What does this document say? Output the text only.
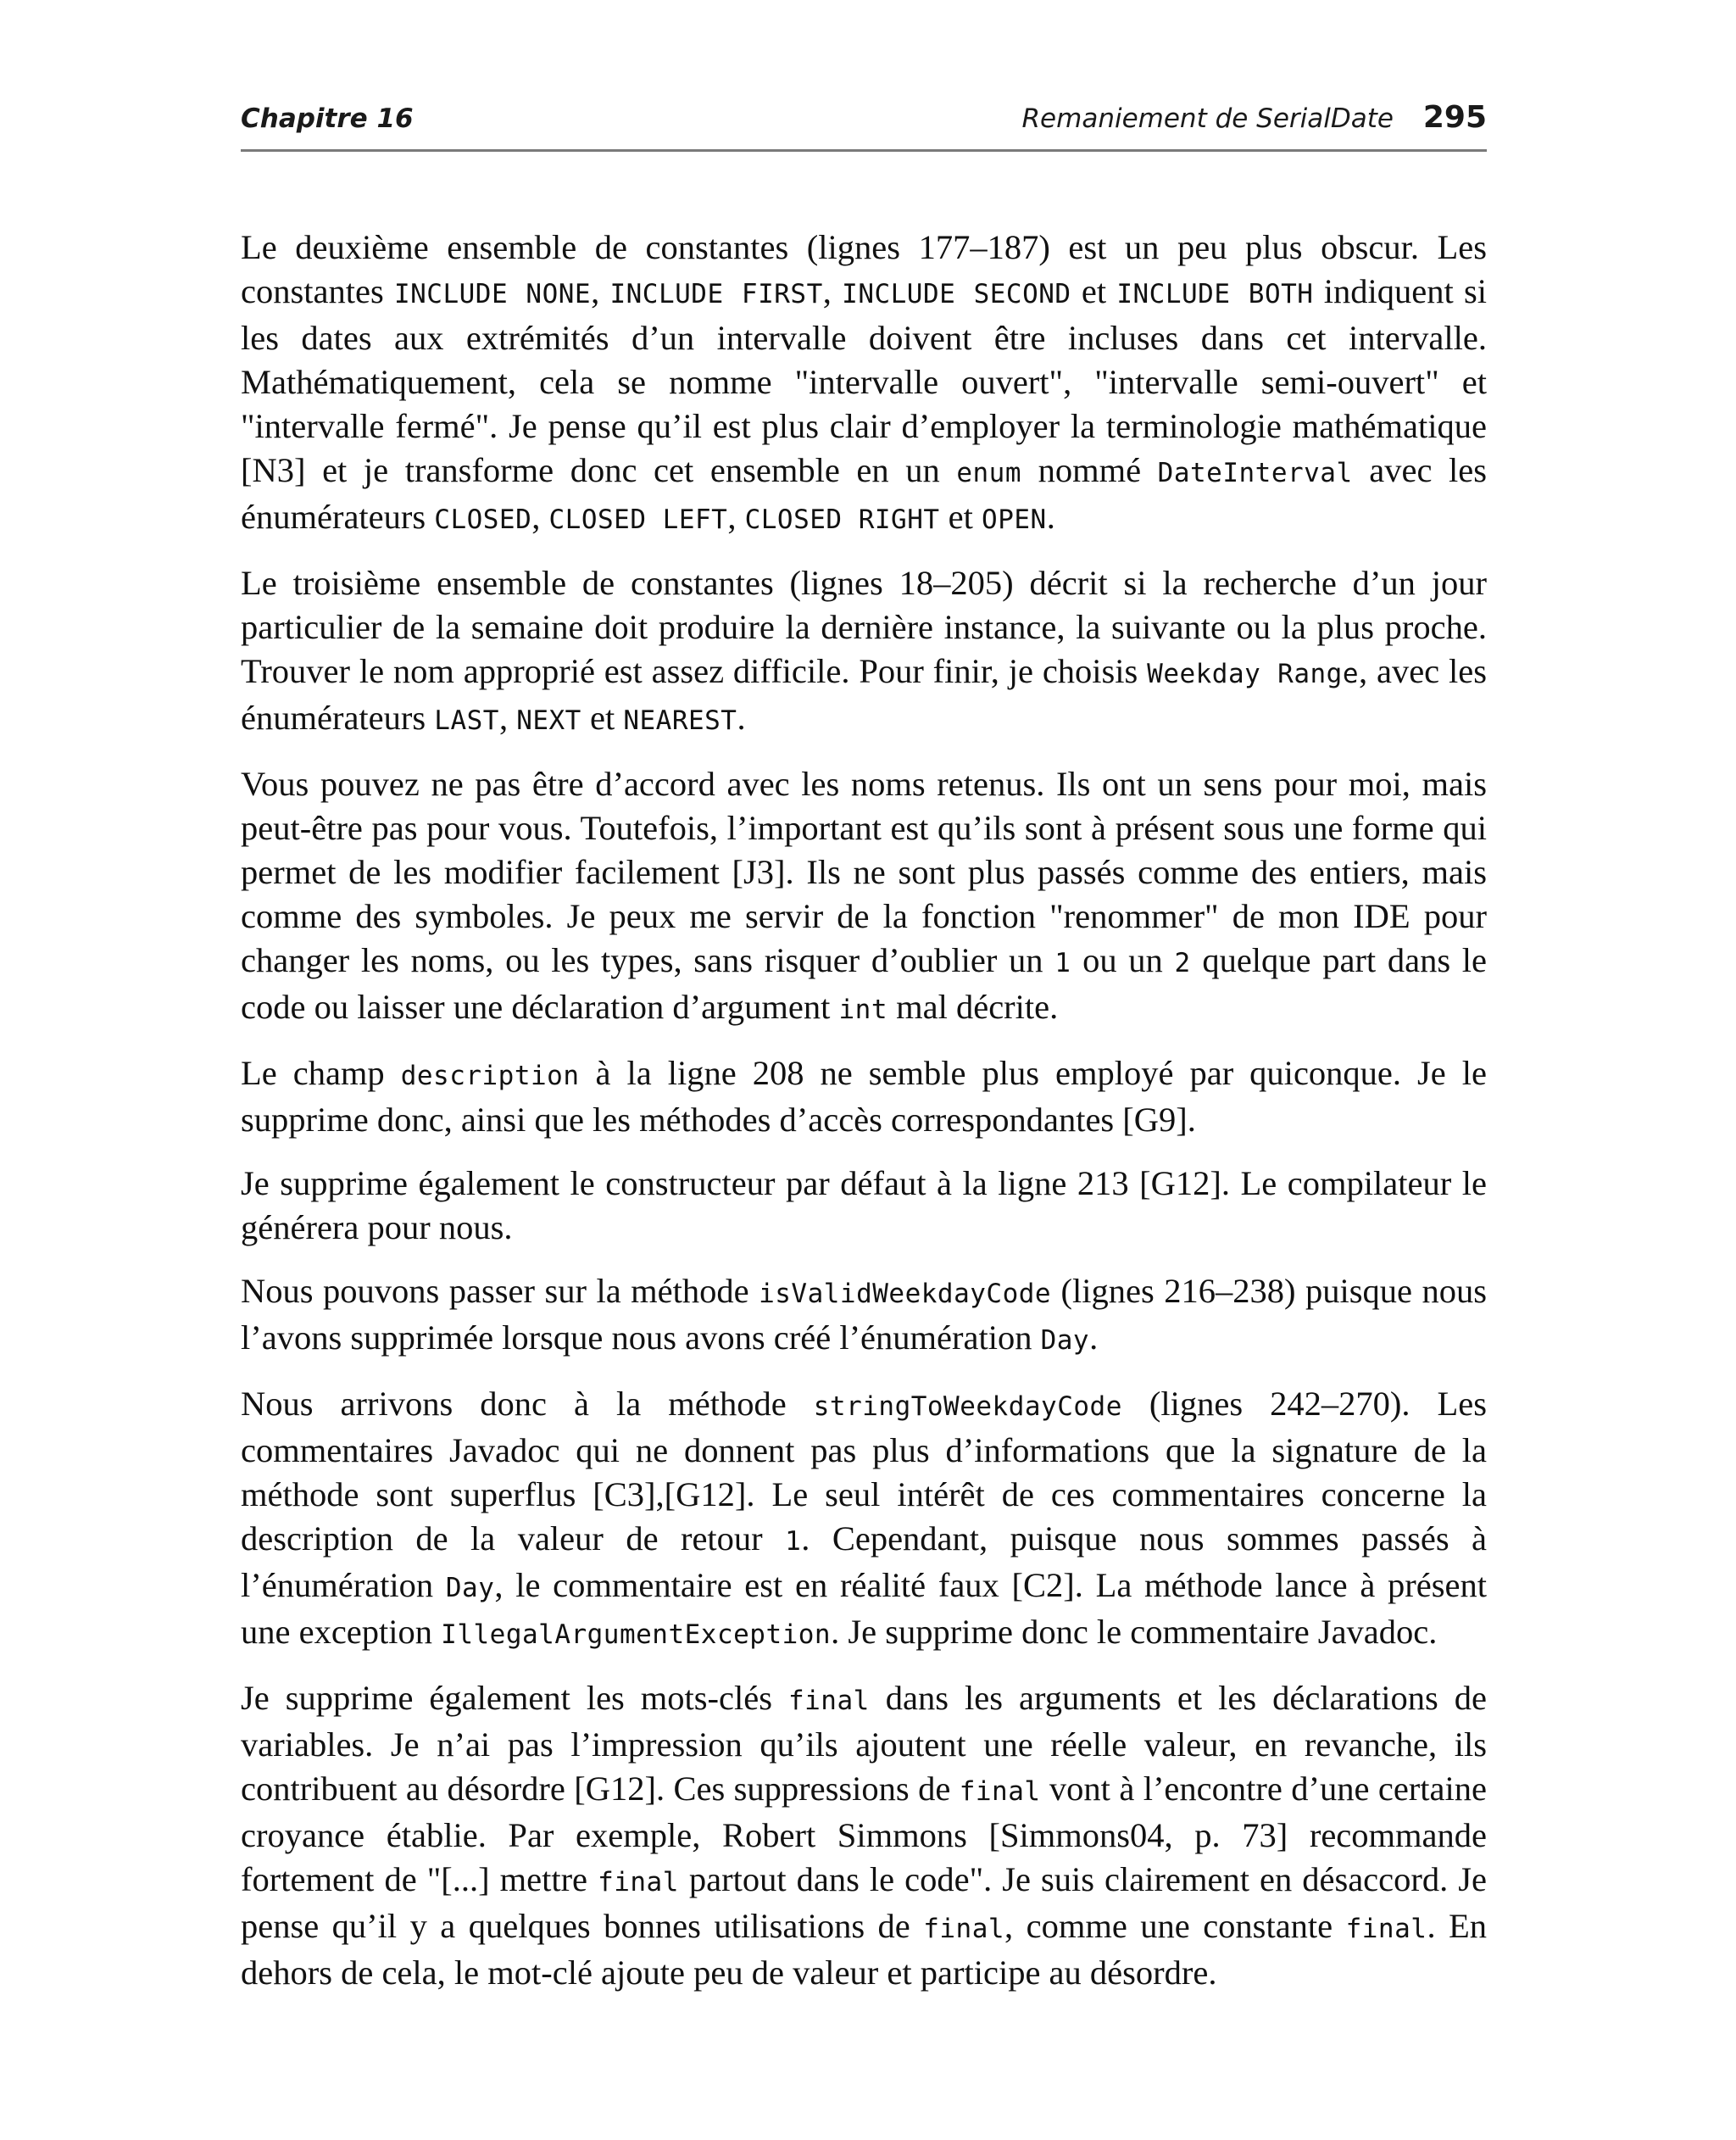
Chapitre 16	Remaniement de SerialDate 295

Le deuxième ensemble de constantes (lignes 177–187) est un peu plus obscur. Les constantes INCLUDE NONE, INCLUDE FIRST, INCLUDE SECOND et INCLUDE BOTH indiquent si les dates aux extrémités d’un intervalle doivent être incluses dans cet intervalle. Mathématiquement, cela se nomme "intervalle ouvert", "intervalle semi-ouvert" et "intervalle fermé". Je pense qu’il est plus clair d’employer la terminologie mathématique [N3] et je transforme donc cet ensemble en un enum nommé DateInterval avec les énumérateurs CLOSED, CLOSED LEFT, CLOSED RIGHT et OPEN.

Le troisième ensemble de constantes (lignes 18–205) décrit si la recherche d’un jour particulier de la semaine doit produire la dernière instance, la suivante ou la plus proche. Trouver le nom approprié est assez difficile. Pour finir, je choisis Weekday Range, avec les énumérateurs LAST, NEXT et NEAREST.

Vous pouvez ne pas être d’accord avec les noms retenus. Ils ont un sens pour moi, mais peut-être pas pour vous. Toutefois, l’important est qu’ils sont à présent sous une forme qui permet de les modifier facilement [J3]. Ils ne sont plus passés comme des entiers, mais comme des symboles. Je peux me servir de la fonction "renommer" de mon IDE pour changer les noms, ou les types, sans risquer d’oublier un 1 ou un 2 quelque part dans le code ou laisser une déclaration d’argument int mal décrite.

Le champ description à la ligne 208 ne semble plus employé par quiconque. Je le supprime donc, ainsi que les méthodes d’accès correspondantes [G9].

Je supprime également le constructeur par défaut à la ligne 213 [G12]. Le compilateur le générera pour nous.

Nous pouvons passer sur la méthode isValidWeekdayCode (lignes 216–238) puisque nous l’avons supprimée lorsque nous avons créé l’énumération Day.

Nous arrivons donc à la méthode stringToWeekdayCode (lignes 242–270). Les commentaires Javadoc qui ne donnent pas plus d’informations que la signature de la méthode sont superflus [C3],[G12]. Le seul intérêt de ces commentaires concerne la description de la valeur de retour 1. Cependant, puisque nous sommes passés à l’énumération Day, le commentaire est en réalité faux [C2]. La méthode lance à présent une exception IllegalArgumentException. Je supprime donc le commentaire Javadoc.

Je supprime également les mots-clés final dans les arguments et les déclarations de variables. Je n’ai pas l’impression qu’ils ajoutent une réelle valeur, en revanche, ils contribuent au désordre [G12]. Ces suppressions de final vont à l’encontre d’une certaine croyance établie. Par exemple, Robert Simmons [Simmons04, p. 73] recommande fortement de "[...] mettre final partout dans le code". Je suis clairement en désaccord. Je pense qu’il y a quelques bonnes utilisations de final, comme une constante final. En dehors de cela, le mot-clé ajoute peu de valeur et participe au désordre.
